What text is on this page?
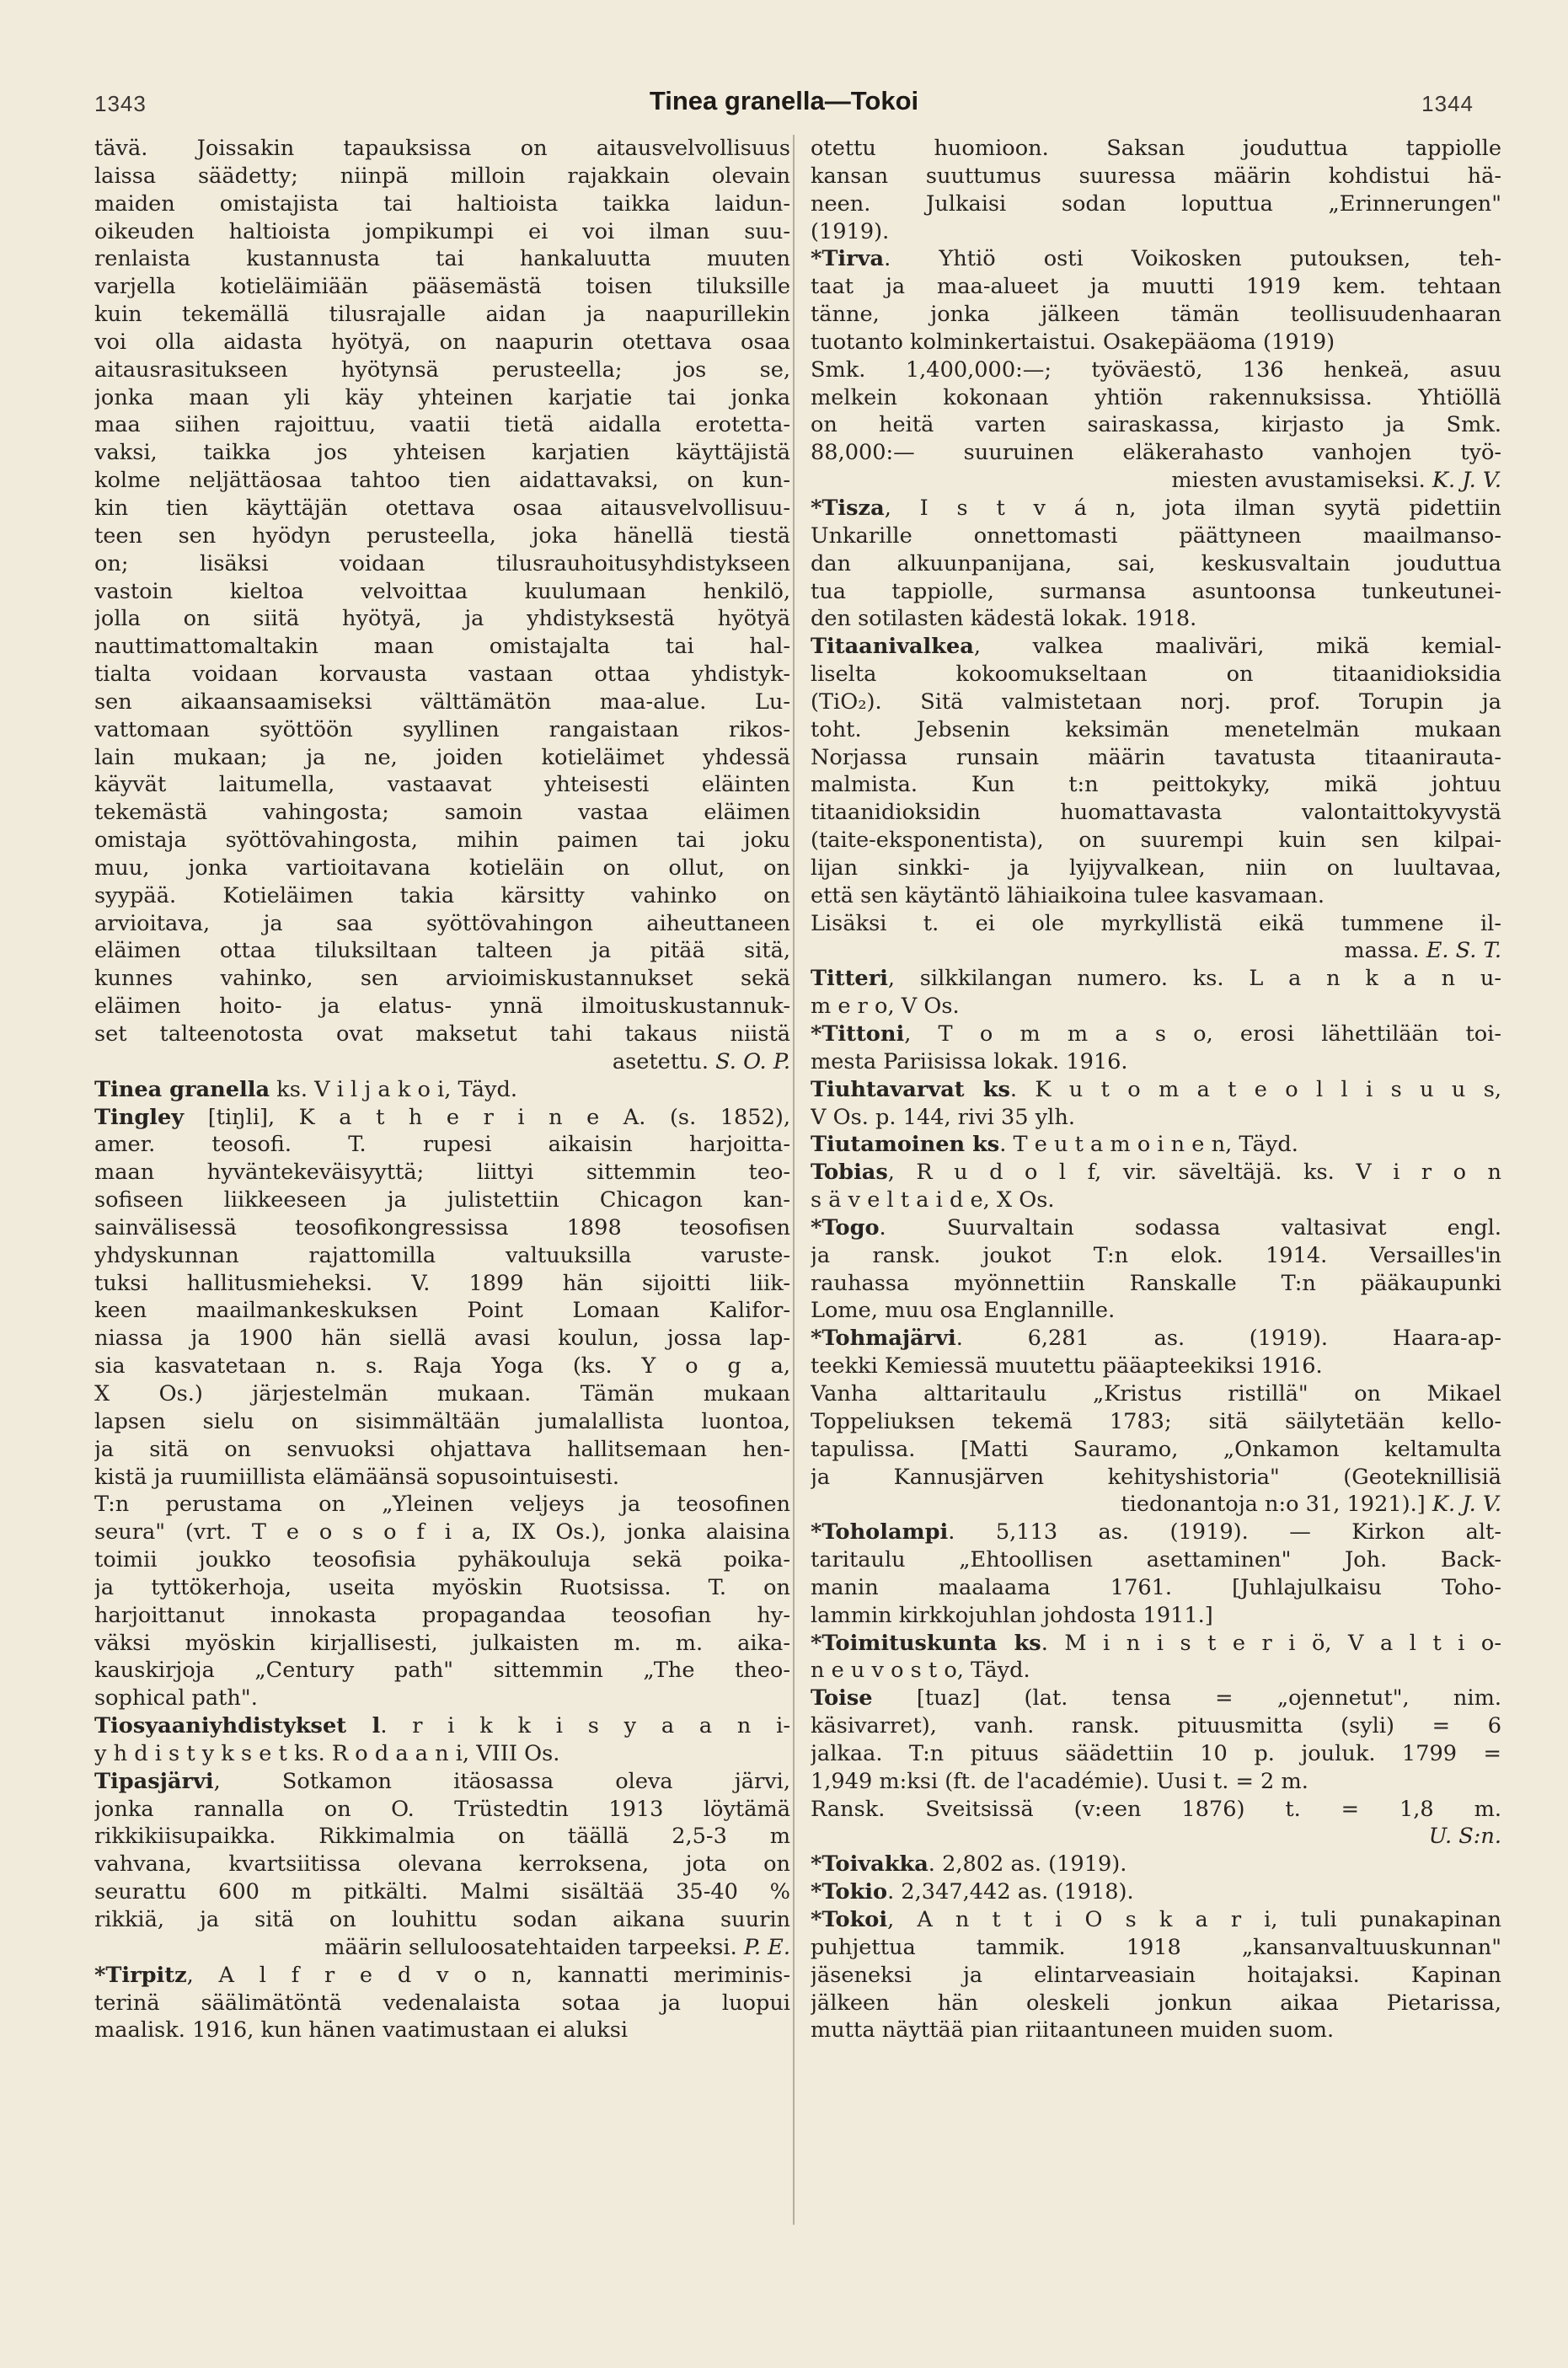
1343	Tinea granella—Tokoi	1344
tävä. Joissakin tapauksissa on aitausvelvollisuus
laissa säädetty; niinpä milloin rajakkain olevain
maiden omistajista tai haltioista taikka laidun-
oikeuden haltioista jompikumpi ei voi ilman suu-
renlaista kustannusta tai hankaluutta muuten
varjella kotieläimiään pääsemästä toisen tiluksille
kuin tekemällä tilusrajalle aidan ja naapurillekin
voi olla aidasta hyötyä, on naapurin otettava osaa
aitausrasitukseen hyötynsä perusteella; jos se,
jonka maan yli käy yhteinen karjatie tai jonka
maa siihen rajoittuu, vaatii tietä aidalla erotetta-
vaksi, taikka jos yhteisen karjatien käyttäjistä
kolme neljättäosaa tahtoo tien aidattavaksi, on kun-
kin tien käyttäjän otettava osaa aitausvelvollisuu-
teen sen hyödyn perusteella, joka hänellä tiestä
on; lisäksi voidaan tilusrauhoitusyhdistykseen
vastoin kieltoa velvoittaa kuulumaan henkilö,
jolla on siitä hyötyä, ja yhdistyksestä hyötyä
nauttimattomaltakin maan omistajalta tai hal-
tialta voidaan korvausta vastaan ottaa yhdistyk-
sen aikaansaamiseksi välttämätön maa-alue. Lu-
vattomaan syöttöön syyllinen rangaistaan rikos-
lain mukaan; ja ne, joiden kotieläimet yhdessä
käyvät laitumella, vastaavat yhteisesti eläinten
tekemästä vahingosta; samoin vastaa eläimen
omistaja syöttövahingosta, mihin paimen tai joku
muu, jonka vartioitavana kotieläin on ollut, on
syypää. Kotieläimen takia kärsitty vahinko on
arvioitava, ja saa syöttövahingon aiheuttaneen
eläimen ottaa tiluksiltaan talteen ja pitää sitä,
kunnes vahinko, sen arvioimiskustannukset sekä
eläimen hoito- ja elatus- ynnä ilmoituskustannuk-
set talteenotosta ovat maksetut tahi takaus niistä
asetettu. S. O. P.
Tinea granella ks. V i l j a k o i, Täyd.
Tingley [tiŋli], K a t h e r i n e A. (s. 1852),
amer. teosofi. T. rupesi aikaisin harjoitta-
maan hyväntekeväisyyttä; liittyi sittemmin teo-
sofiseen liikkeeseen ja julistettiin Chicagon kan-
sainvälisessä teosofikongressissa 1898 teosofisen
yhdyskunnan rajattomilla valtuuksilla varuste-
tuksi hallitusmieheksi. V. 1899 hän sijoitti liik-
keen maailmankeskuksen Point Lomaan Kalifor-
niassa ja 1900 hän siellä avasi koulun, jossa lap-
sia kasvatetaan n. s. Raja Yoga (ks. Y o g a,
X Os.) järjestelmän mukaan. Tämän mukaan
lapsen sielu on sisimmältään jumalallista luontoa,
ja sitä on senvuoksi ohjattava hallitsemaan hen-
kistä ja ruumiillista elämäänsä sopusointuisesti.
T:n perustama on „Yleinen veljeys ja teosofinen
seura" (vrt. T e o s o f i a, IX Os.), jonka alaisina
toimii joukko teosofisia pyhäkouluja sekä poika-
ja tyttökerhoja, useita myöskin Ruotsissa. T. on
harjoittanut innokasta propagandaa teosofian hy-
väksi myöskin kirjallisesti, julkaisten m. m. aika-
kauskirjoja „Century path" sittemmin „The theo-
sophical path".
Tiosyaaniyhdistykset l. r i k k i s y a a n i-
y h d i s t y k s e t ks. R o d a a n i, VIII Os.
Tipasjärvi, Sotkamon itäosassa oleva järvi,
jonka rannalla on O. Trüstedtin 1913 löytämä
rikkikiisupaikka. Rikkimalmia on täällä 2,5-3 m
vahvana, kvartsiitissa olevana kerroksena, jota on
seurattu 600 m pitkälti. Malmi sisältää 35-40 %
rikkiä, ja sitä on louhittu sodan aikana suurin
määrin selluloosatehtaiden tarpeeksi. P. E.
*Tirpitz, A l f r e d v o n, kannatti meriminis-
terinä säälimätöntä vedenalaista sotaa ja luopui
maalisk. 1916, kun hänen vaatimustaan ei aluksi
otettu huomioon. Saksan jouduttua tappiolle
kansan suuttumus suuressa määrin kohdistui hä-
neen. Julkaisi sodan loputtua „Erinnerungen"
(1919).
*Tirva. Yhtiö osti Voikosken putouksen, teh-
taat ja maa-alueet ja muutti 1919 kem. tehtaan
tänne, jonka jälkeen tämän teollisuudenhaaran
tuotanto kolminkertaistui. Osakepääoma (1919)
Smk. 1,400,000:—; työväestö, 136 henkeä, asuu
melkein kokonaan yhtiön rakennuksissa. Yhtiöllä
on heitä varten sairaskassa, kirjasto ja Smk.
88,000:— suuruinen eläkerahasto vanhojen työ-
miesten avustamiseksi. K. J. V.
*Tisza, I s t v á n, jota ilman syytä pidettiin
Unkarille onnettomasti päättyneen maailmanso-
dan alkuunpanijana, sai, keskusvaltain jouduttua
tua tappiolle, surmansa asuntoonsa tunkeutunei-
den sotilasten kädestä lokak. 1918.
Titaanivalkea, valkea maaliväri, mikä kemial-
liselta kokoomukseltaan on titaanidioksidia
(TiO₂). Sitä valmistetaan norj. prof. Torupin ja
toht. Jebsenin keksimän menetelmän mukaan
Norjassa runsain määrin tavatusta titaanirauta-
malmista. Kun t:n peittokyky, mikä johtuu
titaanidioksidin huomattavasta valontaittokyvystä
(taite-eksponentista), on suurempi kuin sen kilpai-
lijan sinkki- ja lyijyvalkean, niin on luultavaa,
että sen käytäntö lähiaikoina tulee kasvamaan.
Lisäksi t. ei ole myrkyllistä eikä tummene il-
massa. E. S. T.
Titteri, silkkilangan numero. ks. L a n k a n u-
m e r o, V Os.
*Tittoni, T o m m a s o, erosi lähettilään toi-
mesta Pariisissa lokak. 1916.
Tiuhtavarvat ks. K u t o m a t e o l l i s u u s,
V Os. p. 144, rivi 35 ylh.
Tiutamoinen ks. T e u t a m o i n e n, Täyd.
Tobias, R u d o l f, vir. säveltäjä. ks. V i r o n
s ä v e l t a i d e, X Os.
*Togo. Suurvaltain sodassa valtasivat engl.
ja ransk. joukot T:n elok. 1914. Versailles'in
rauhassa myönnettiin Ranskalle T:n pääkaupunki
Lome, muu osa Englannille.
*Tohmajärvi. 6,281 as. (1919). Haara-ap-
teekki Kemiessä muutettu pääapteekiksi 1916.
Vanha alttaritaulu „Kristus ristillä" on Mikael
Toppeliuksen tekemä 1783; sitä säilytetään kello-
tapulissa. [Matti Sauramo, „Onkamon keltamulta
ja Kannusjärven kehityshistoria" (Geoteknillisiä
tiedonantoja n:o 31, 1921).] K. J. V.
*Toholampi. 5,113 as. (1919). — Kirkon alt-
taritaulu „Ehtoollisen asettaminen" Joh. Back-
manin maalaama 1761. [Juhlajulkaisu Toho-
lammin kirkkojuhlan johdosta 1911.]
*Toimituskunta ks. M i n i s t e r i ö, V a l t i o-
n e u v o s t o, Täyd.
Toise [tuaz] (lat. tensa = „ojennetut", nim.
käsivarret), vanh. ransk. pituusmitta (syli) = 6
jalkaa. T:n pituus säädettiin 10 p. jouluk. 1799 =
1,949 m:ksi (ft. de l'académie). Uusi t. = 2 m.
Ransk. Sveitsissä (v:een 1876) t. = 1,8 m.
U. S:n.
*Toivakka. 2,802 as. (1919).
*Tokio. 2,347,442 as. (1918).
*Tokoi, A n t t i O s k a r i, tuli punakapinan
puhjettua tammik. 1918 „kansanvaltuuskunnan"
jäseneksi ja elintarveasiain hoitajaksi. Kapinan
jälkeen hän oleskeli jonkun aikaa Pietarissa,
mutta näyttää pian riitaantuneen muiden suom.
